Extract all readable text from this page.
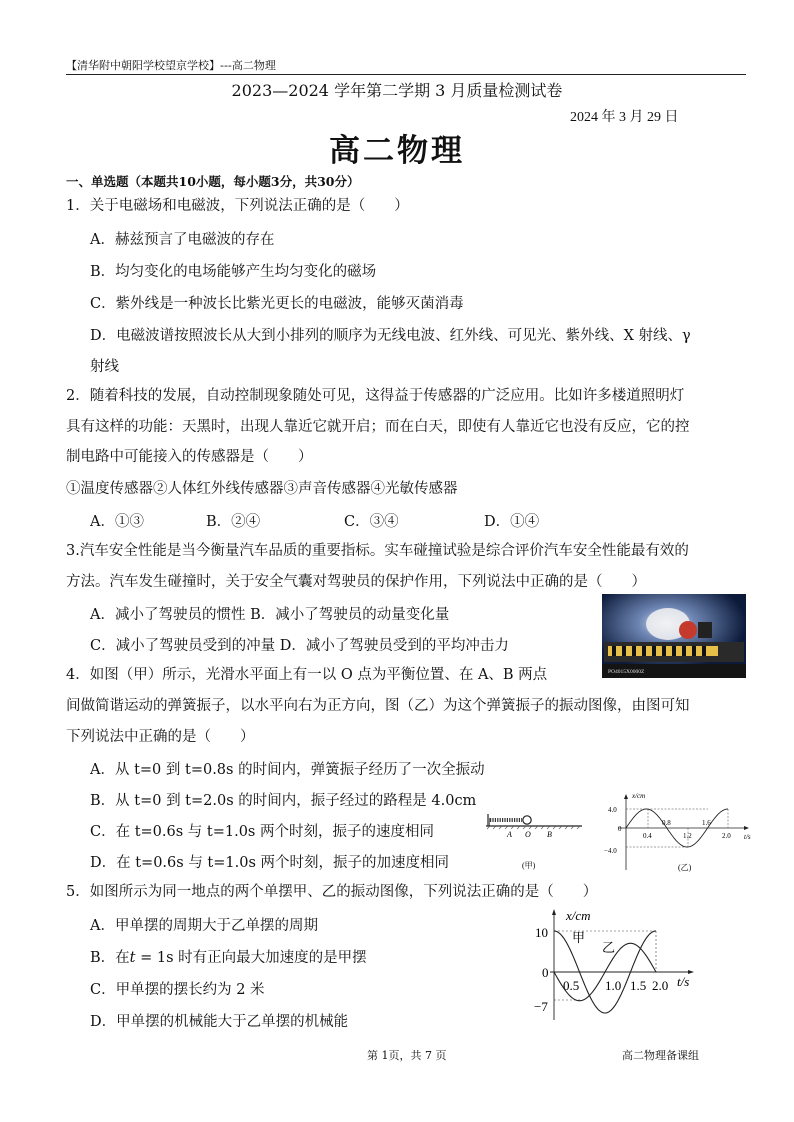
【清华附中朝阳学校望京学校】---高二物理
2023—2024 学年第二学期 3 月质量检测试卷
2024 年 3 月 29 日
高二物理
一、单选题（本题共10小题，每小题3分，共30分）
1．关于电磁场和电磁波，下列说法正确的是（　　）
A．赫兹预言了电磁波的存在
B．均匀变化的电场能够产生均匀变化的磁场
C．紫外线是一种波长比紫光更长的电磁波，能够灭菌消毒
D．电磁波谱按照波长从大到小排列的顺序为无线电波、红外线、可见光、紫外线、X 射线、γ
射线
2．随着科技的发展，自动控制现象随处可见，这得益于传感器的广泛应用。比如许多楼道照明灯
具有这样的功能：天黑时，出现人靠近它就开启；而在白天，即使有人靠近它也没有反应，它的控
制电路中可能接入的传感器是（　　）
①温度传感器②人体红外线传感器③声音传感器④光敏传感器
A．①③	B．②④	C．③④	D．①④
3.汽车安全性能是当今衡量汽车品质的重要指标。实车碰撞试验是综合评价汽车安全性能最有效的
方法。汽车发生碰撞时，关于安全气囊对驾驶员的保护作用，下列说法中正确的是（　　）
A．减小了驾驶员的惯性 B．减小了驾驶员的动量变化量
C．减小了驾驶员受到的冲量 D．减小了驾驶员受到的平均冲击力
PO4015X0000Z
4．如图（甲）所示，光滑水平面上有一以 O 点为平衡位置、在 A、B 两点
间做简谐运动的弹簧振子，以水平向右为正方向，图（乙）为这个弹簧振子的振动图像，由图可知
下列说法中正确的是（　　）
A．从 t=0 到 t=0.8s 的时间内，弹簧振子经历了一次全振动
B．从 t=0 到 t=2.0s 的时间内，振子经过的路程是 4.0cm
C．在 t=0.6s 与 t=1.0s 两个时刻，振子的速度相同
D．在 t=0.6s 与 t=1.0s 两个时刻，振子的加速度相同
A O B
(甲)
x/cm
t/s
4.0
0
−4.0
0.4
0.8
1.2
1.6
2.0
(乙)
5．如图所示为同一地点的两个单摆甲、乙的振动图像，下列说法正确的是（　　）
A．甲单摆的周期大于乙单摆的周期
B．在t = 1s 时有正向最大加速度的是甲摆
C．甲单摆的摆长约为 2 米
D．甲单摆的机械能大于乙单摆的机械能
x/cm
t/s
10
0
−7
0.5 1.0 1.5 2.0
甲
乙
第 1页，共 7 页	高二物理备课组
